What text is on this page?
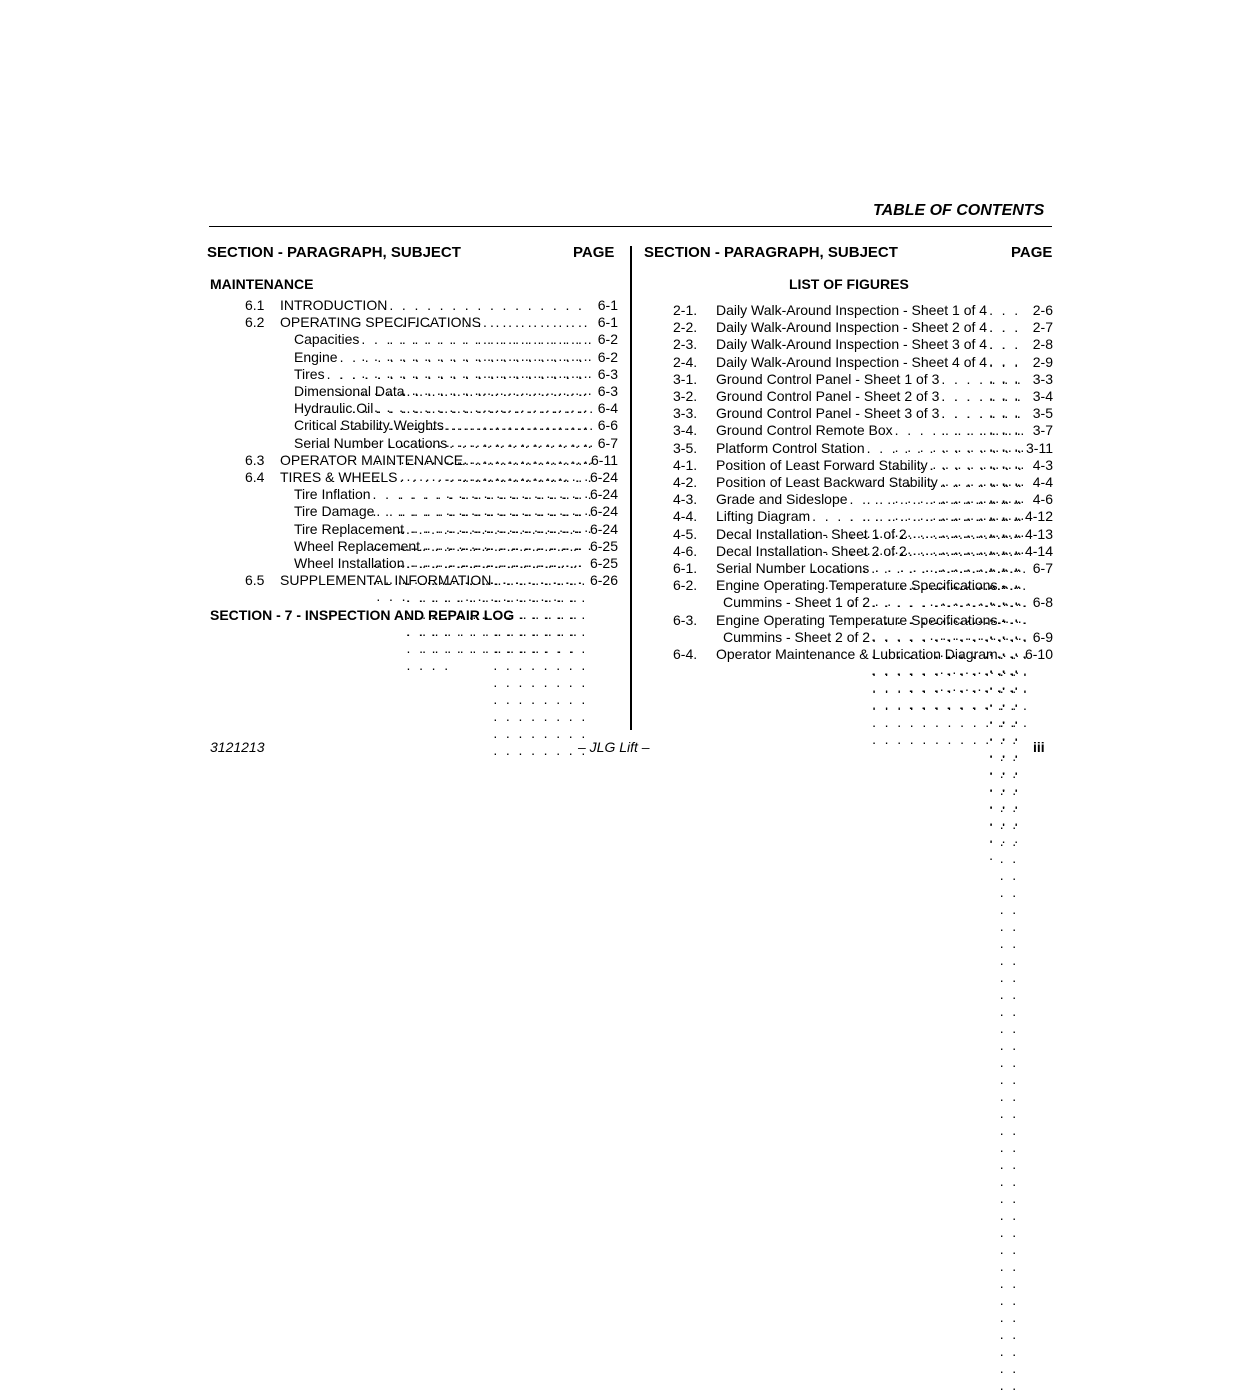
TABLE OF CONTENTS
SECTION - PARAGRAPH, SUBJECT	PAGE SECTION - PARAGRAPH, SUBJECT	PAGE
MAINTENANCE
6.1	INTRODUCTION . . .	6-1
6.2	OPERATING SPECIFICATIONS . . .	6-1
Capacities . . .	6-2
Engine . . .	6-2
Tires . . .	6-3
Dimensional Data . . .	6-3
Hydraulic Oil . . .	6-4
Critical Stability Weights . . .	6-6
Serial Number Locations . . .	6-7
6.3	OPERATOR MAINTENANCE . . .	6-11
6.4	TIRES & WHEELS . . .	6-24
Tire Inflation . . .	6-24
Tire Damage . . .	6-24
Tire Replacement . . .	6-24
Wheel Replacement . . .	6-25
Wheel Installation . . .	6-25
6.5	SUPPLEMENTAL INFORMATION . . .	6-26
SECTION - 7 - INSPECTION AND REPAIR LOG
LIST OF FIGURES
2-1.	Daily Walk-Around Inspection - Sheet 1 of 4 . . .	2-6
2-2.	Daily Walk-Around Inspection - Sheet 2 of 4 . . .	2-7
2-3.	Daily Walk-Around Inspection - Sheet 3 of 4 . . .	2-8
2-4.	Daily Walk-Around Inspection - Sheet 4 of 4 . . .	2-9
3-1.	Ground Control Panel - Sheet 1 of 3 . . .	3-3
3-2.	Ground Control Panel - Sheet 2 of 3 . . .	3-4
3-3.	Ground Control Panel - Sheet 3 of 3 . . .	3-5
3-4.	Ground Control Remote Box . . .	3-7
3-5.	Platform Control Station . . .	3-11
4-1.	Position of Least Forward Stability . . .	4-3
4-2.	Position of Least Backward Stability . . .	4-4
4-3.	Grade and Sideslope . . .	4-6
4-4.	Lifting Diagram . . .	4-12
4-5.	Decal Installation- Sheet 1 of 2 . . .	4-13
4-6.	Decal Installation- Sheet 2 of 2 . . .	4-14
6-1.	Serial Number Locations . . .	6-7
6-2.	Engine Operating Temperature Specifications -
Cummins - Sheet 1 of 2 . . .	6-8
6-3.	Engine Operating Temperature Specifications -
Cummins - Sheet 2 of 2 . . .	6-9
6-4.	Operator Maintenance & Lubrication Diagram . . . 6-10
3121213	– JLG Lift –	iii
